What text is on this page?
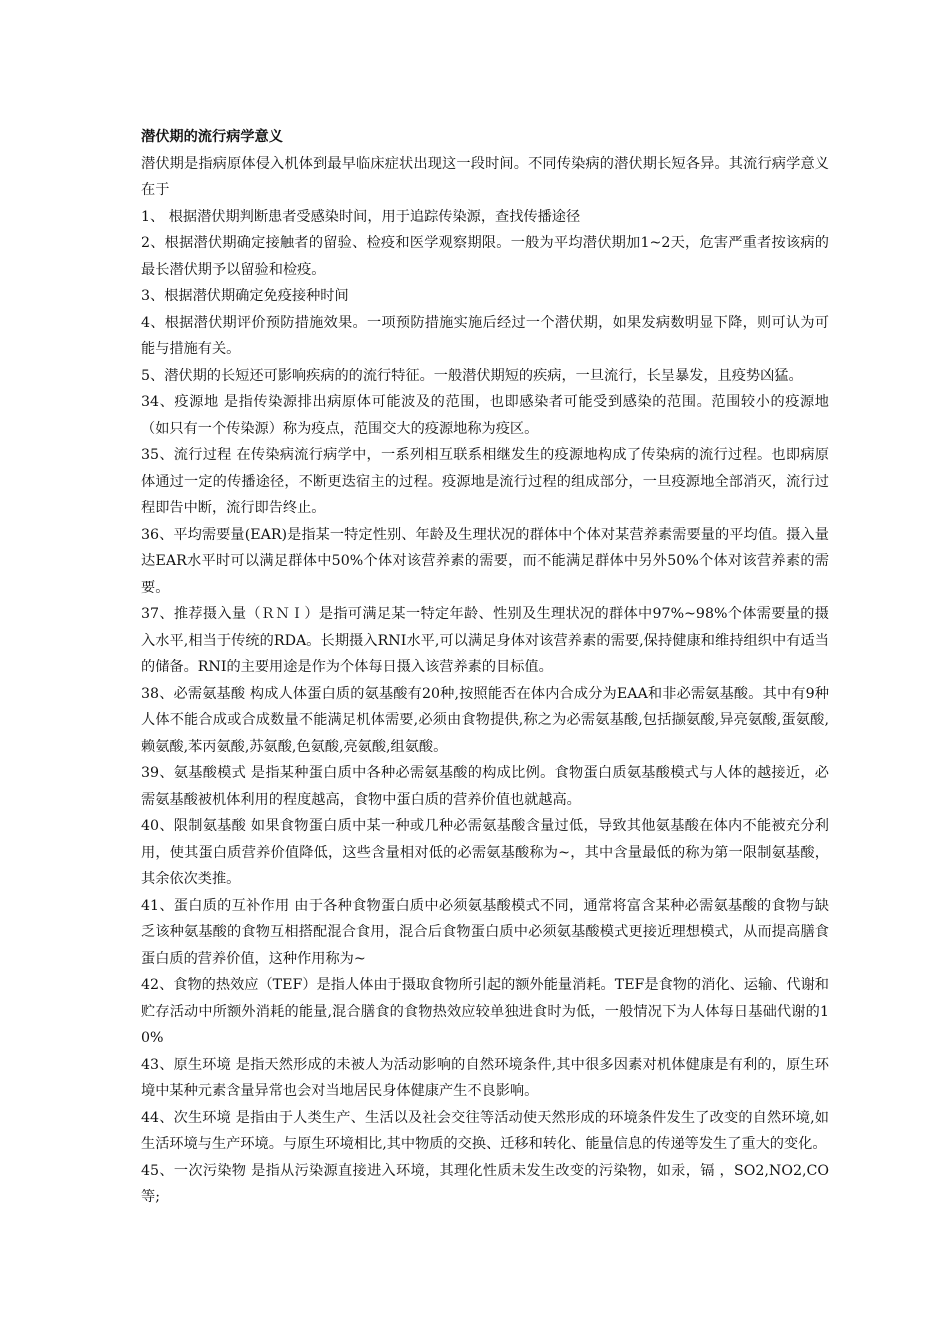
潜伏期的流行病学意义

潜伏期是指病原体侵入机体到最早临床症状出现这一段时间。不同传染病的潜伏期长短各异。其流行病学意义在于

1、 根据潜伏期判断患者受感染时间，用于追踪传染源，查找传播途径

2、根据潜伏期确定接触者的留验、检疫和医学观察期限。一般为平均潜伏期加1~2天，危害严重者按该病的最长潜伏期予以留验和检疫。

3、根据潜伏期确定免疫接种时间

4、根据潜伏期评价预防措施效果。一项预防措施实施后经过一个潜伏期，如果发病数明显下降，则可认为可能与措施有关。

5、潜伏期的长短还可影响疾病的的流行特征。一般潜伏期短的疾病，一旦流行，长呈暴发，且疫势凶猛。

34、疫源地 是指传染源排出病原体可能波及的范围，也即感染者可能受到感染的范围。范围较小的疫源地（如只有一个传染源）称为疫点，范围交大的疫源地称为疫区。

35、流行过程 在传染病流行病学中，一系列相互联系相继发生的疫源地构成了传染病的流行过程。也即病原体通过一定的传播途径，不断更迭宿主的过程。疫源地是流行过程的组成部分，一旦疫源地全部消灭，流行过程即告中断，流行即告终止。

36、平均需要量(EAR)是指某一特定性别、年龄及生理状况的群体中个体对某营养素需要量的平均值。摄入量达EAR水平时可以满足群体中50%个体对该营养素的需要，而不能满足群体中另外50%个体对该营养素的需要。

37、推荐摄入量（ＲＮＩ）是指可满足某一特定年龄、性别及生理状况的群体中97%~98%个体需要量的摄入水平,相当于传统的RDA。长期摄入RNI水平,可以满足身体对该营养素的需要,保持健康和维持组织中有适当的储备。RNI的主要用途是作为个体每日摄入该营养素的目标值。

38、必需氨基酸 构成人体蛋白质的氨基酸有20种,按照能否在体内合成分为EAA和非必需氨基酸。其中有9种人体不能合成或合成数量不能满足机体需要,必须由食物提供,称之为必需氨基酸,包括撷氨酸,异亮氨酸,蛋氨酸,赖氨酸,苯丙氨酸,苏氨酸,色氨酸,亮氨酸,组氨酸。

39、氨基酸模式 是指某种蛋白质中各种必需氨基酸的构成比例。食物蛋白质氨基酸模式与人体的越接近，必需氨基酸被机体利用的程度越高，食物中蛋白质的营养价值也就越高。

40、限制氨基酸 如果食物蛋白质中某一种或几种必需氨基酸含量过低，导致其他氨基酸在体内不能被充分利用，使其蛋白质营养价值降低，这些含量相对低的必需氨基酸称为~，其中含量最低的称为第一限制氨基酸，其余依次类推。

41、蛋白质的互补作用 由于各种食物蛋白质中必须氨基酸模式不同，通常将富含某种必需氨基酸的食物与缺乏该种氨基酸的食物互相搭配混合食用，混合后食物蛋白质中必须氨基酸模式更接近理想模式，从而提高膳食蛋白质的营养价值，这种作用称为~

42、食物的热效应（TEF）是指人体由于摄取食物所引起的额外能量消耗。TEF是食物的消化、运输、代谢和贮存活动中所额外消耗的能量,混合膳食的食物热效应较单独进食时为低，一般情况下为人体每日基础代谢的10%

43、原生环境 是指天然形成的未被人为活动影响的自然环境条件,其中很多因素对机体健康是有利的，原生环境中某种元素含量异常也会对当地居民身体健康产生不良影响。

44、次生环境 是指由于人类生产、生活以及社会交往等活动使天然形成的环境条件发生了改变的自然环境,如生活环境与生产环境。与原生环境相比,其中物质的交换、迁移和转化、能量信息的传递等发生了重大的变化。

45、一次污染物 是指从污染源直接进入环境，其理化性质未发生改变的污染物，如汞，镉 ，SO2,NO2,CO等;
